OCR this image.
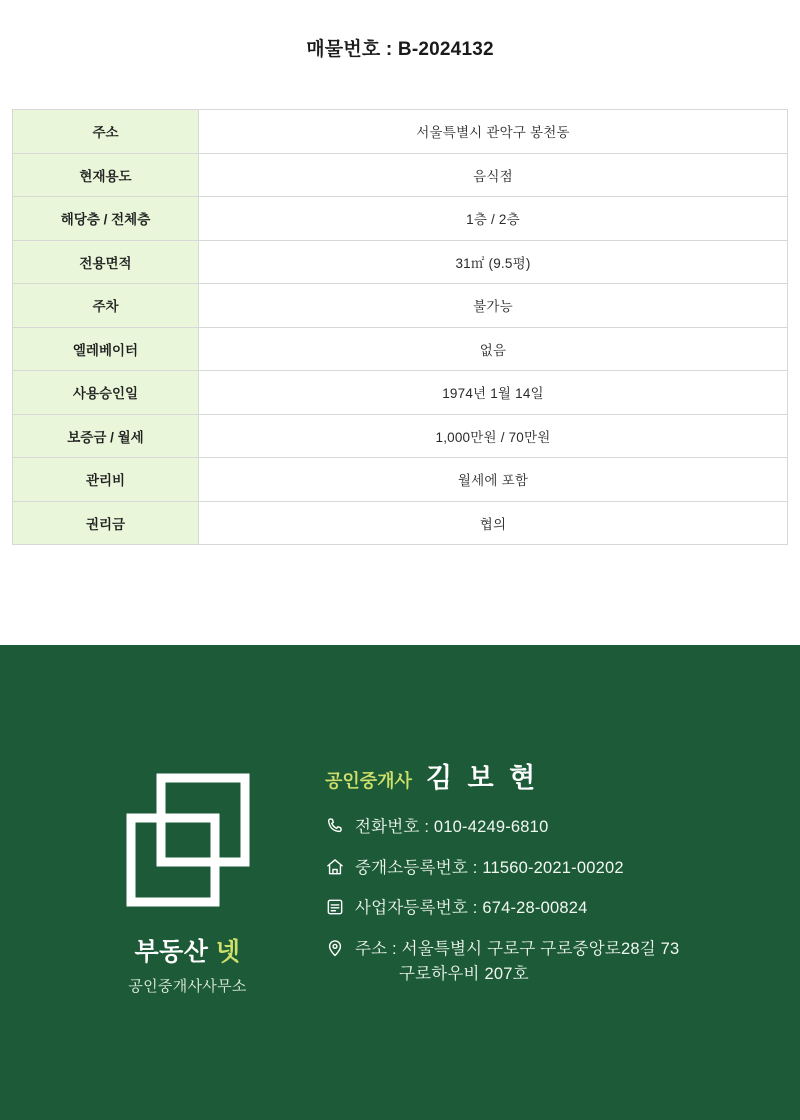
매물번호 : B-2024132
주소	서울특별시 관악구 봉천동
현재용도	음식점
해당층 / 전체층	1층 / 2층
전용면적	31㎡ (9.5평)
주차	불가능
엘레베이터	없음
사용승인일	1974년 1월 14일
보증금 / 월세	1,000만원 / 70만원
관리비	월세에 포함
권리금	협의
부동산 넷
공인중개사사무소
공인중개사 김 보 현
전화번호 : 010-4249-6810
중개소등록번호 : 11560-2021-00202
사업자등록번호 : 674-28-00824
주소 : 서울특별시 구로구 구로중앙로28길 73
구로하우비 207호
